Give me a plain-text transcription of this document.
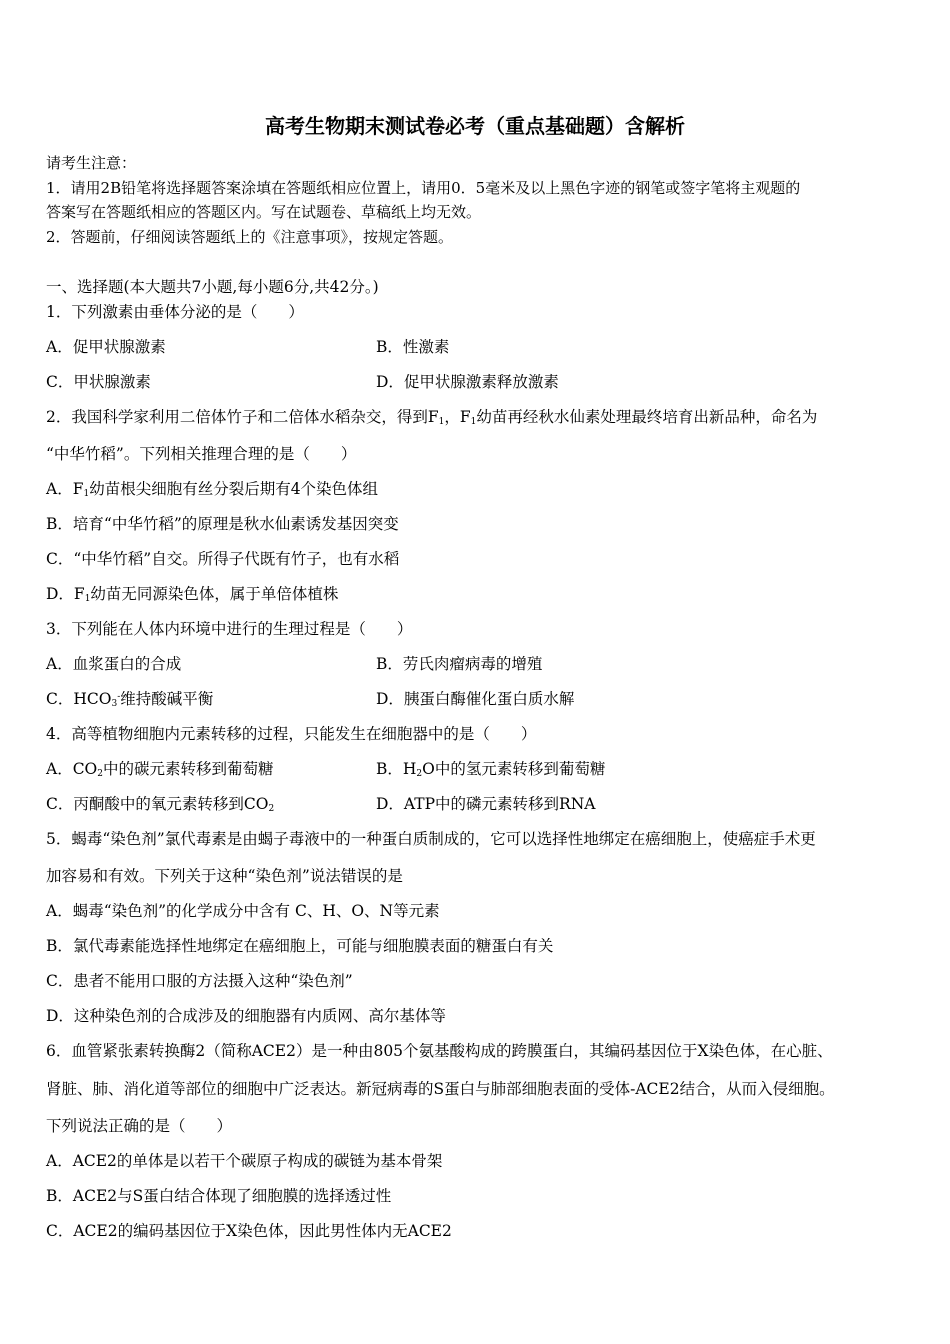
高考生物期末测试卷必考（重点基础题）含解析
请考生注意：
1．请用2B铅笔将选择题答案涂填在答题纸相应位置上，请用0．5毫米及以上黑色字迹的钢笔或签字笔将主观题的
答案写在答题纸相应的答题区内。写在试题卷、草稿纸上均无效。
2．答题前，仔细阅读答题纸上的《注意事项》，按规定答题。
一、选择题(本大题共7小题,每小题6分,共42分。)
1．下列激素由垂体分泌的是（　　）
A．促甲状腺激素	B．性激素
C．甲状腺激素	D．促甲状腺激素释放激素
2．我国科学家利用二倍体竹子和二倍体水稻杂交，得到$F_1$，$F_1$幼苗再经秋水仙素处理最终培育出新品种，命名为
“中华竹稻”。下列相关推理合理的是（　　）
A．$F_1$幼苗根尖细胞有丝分裂后期有4个染色体组
B．培育“中华竹稻”的原理是秋水仙素诱发基因突变
C．“中华竹稻”自交。所得子代既有竹子，也有水稻
D．$F_1$幼苗无同源染色体，属于单倍体植株
3．下列能在人体内环境中进行的生理过程是（　　）
A．血浆蛋白的合成	B．劳氏肉瘤病毒的增殖
C．$HCO_3^-$维持酸碱平衡	D．胰蛋白酶催化蛋白质水解
4．高等植物细胞内元素转移的过程，只能发生在细胞器中的是（　　）
A．$CO_2$中的碳元素转移到葡萄糖	B．$H_2O$中的氢元素转移到葡萄糖
C．丙酮酸中的氧元素转移到$CO_2$	D．ATP中的磷元素转移到RNA
5．蝎毒“染色剂”氯代毒素是由蝎子毒液中的一种蛋白质制成的，它可以选择性地绑定在癌细胞上，使癌症手术更
加容易和有效。下列关于这种“染色剂”说法错误的是
A．蝎毒“染色剂”的化学成分中含有 C、H、O、N等元素
B．氯代毒素能选择性地绑定在癌细胞上，可能与细胞膜表面的糖蛋白有关
C．患者不能用口服的方法摄入这种“染色剂”
D．这种染色剂的合成涉及的细胞器有内质网、高尔基体等
6．血管紧张素转换酶2（简称ACE2）是一种由805个氨基酸构成的跨膜蛋白，其编码基因位于X染色体，在心脏、
肾脏、肺、消化道等部位的细胞中广泛表达。新冠病毒的S蛋白与肺部细胞表面的受体-ACE2结合，从而入侵细胞。
下列说法正确的是（　　）
A．ACE2的单体是以若干个碳原子构成的碳链为基本骨架
B．ACE2与S蛋白结合体现了细胞膜的选择透过性
C．ACE2的编码基因位于X染色体，因此男性体内无ACE2
